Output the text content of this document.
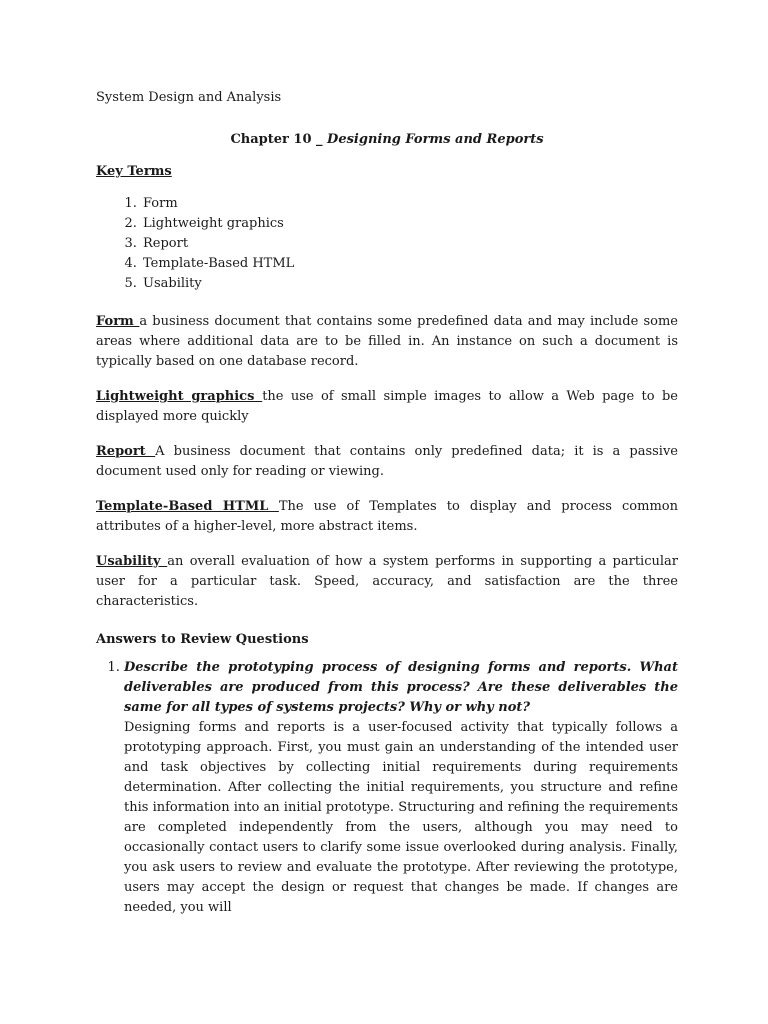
System Design and Analysis

Chapter 10 _ Designing Forms and Reports

Key Terms

1. Form
2. Lightweight graphics
3. Report
4. Template-Based HTML
5. Usability

Form a business document that contains some predefined data and may include some areas where additional data are to be filled in. An instance on such a document is typically based on one database record.

Lightweight graphics the use of small simple images to allow a Web page to be displayed more quickly

Report A business document that contains only predefined data; it is a passive document used only for reading or viewing.

Template-Based HTML The use of Templates to display and process common attributes of a higher-level, more abstract items.

Usability an overall evaluation of how a system performs in supporting a particular user for a particular task. Speed, accuracy, and satisfaction are the three characteristics.

Answers to Review Questions

1. Describe the prototyping process of designing forms and reports. What deliverables are produced from this process? Are these deliverables the same for all types of systems projects? Why or why not?
Designing forms and reports is a user-focused activity that typically follows a prototyping approach. First, you must gain an understanding of the intended user and task objectives by collecting initial requirements during requirements determination. After collecting the initial requirements, you structure and refine this information into an initial prototype. Structuring and refining the requirements are completed independently from the users, although you may need to occasionally contact users to clarify some issue overlooked during analysis. Finally, you ask users to review and evaluate the prototype. After reviewing the prototype, users may accept the design or request that changes be made. If changes are needed, you will
